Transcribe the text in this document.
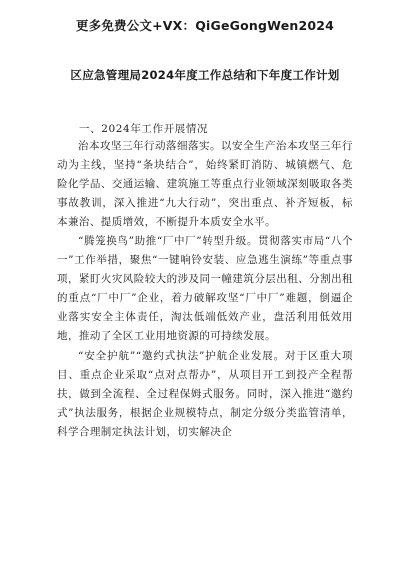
更多免费公文+VX：QiGeGongWen2024
区应急管理局2024年度工作总结和下年度工作计划
一、2024年工作开展情况

治本攻坚三年行动落细落实。以安全生产治本攻坚三年行动为主线，坚持“条块结合”，始终紧盯消防、城镇燃气、危险化学品、交通运输、建筑施工等重点行业领域深刻吸取各类事故教训，深入推进“九大行动”，突出重点、补齐短板，标本兼治、提质增效，不断提升本质安全水平。

“腾笼换鸟”助推“厂中厂”转型升级。贯彻落实市局“八个一”工作举措，聚焦“一键响铃安装、应急逃生演练”等重点事项，紧盯火灾风险较大的涉及同一幢建筑分层出租、分割出租的重点“厂中厂”企业，着力破解攻坚“厂中厂”难题，倒逼企业落实安全主体责任，淘汰低端低效产业，盘活利用低效用地，推动了全区工业用地资源的可持续发展。

“安全护航”“邀约式执法”护航企业发展。对于区重大项目、重点企业采取“点对点帮办”，从项目开工到投产全程帮扶，做到全流程、全过程保姆式服务。同时，深入推进“邀约式”执法服务，根据企业规模特点，制定分级分类监管清单，科学合理制定执法计划，切实解决企
